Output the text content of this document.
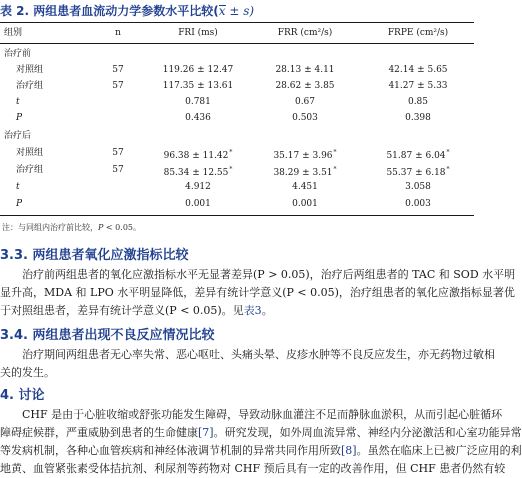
表 2. 两组患者血流动力学参数水平比较(x ± s)
组别	n	FRI (ms)	FRR (cm²/s)	FRPE (cm²/s)
治疗前
对照组	57	119.26 ± 12.47	28.13 ± 4.11	42.14 ± 5.65
治疗组	57	117.35 ± 13.61	28.62 ± 3.85	41.27 ± 5.33
t	0.781	0.67	0.85
P	0.436	0.503	0.398
治疗后
对照组	57	96.38 ± 11.42*	35.17 ± 3.96*	51.87 ± 6.04*
治疗组	57	85.34 ± 12.55*	38.29 ± 3.51*	55.37 ± 6.18*
t	4.912	4.451	3.058
P	0.001	0.001	0.003
注：与同组内治疗前比较，P < 0.05。
3.3. 两组患者氧化应激指标比较
治疗前两组患者的氧化应激指标水平无显著差异(P > 0.05)，治疗后两组患者的 TAC 和 SOD 水平明
显升高，MDA 和 LPO 水平明显降低，差异有统计学意义(P < 0.05)，治疗组患者的氧化应激指标显著优
于对照组患者，差异有统计学意义(P < 0.05)。见表3。
3.4. 两组患者出现不良反应情况比较
治疗期间两组患者无心率失常、恶心呕吐、头痛头晕、皮疹水肿等不良反应发生，亦无药物过敏相
关的发生。
4. 讨论
CHF 是由于心脏收缩或舒张功能发生障碍，导致动脉血灌注不足而静脉血淤积，从而引起心脏循环
障碍症候群，严重威胁到患者的生命健康[7]。研究发现，如外周血流异常、神经内分泌激活和心室功能异常
等发病机制，各种心血管疾病和神经体液调节机制的异常共同作用所致[8]。虽然在临床上已被广泛应用的利
地黄、血管紧张素受体拮抗剂、利尿剂等药物对 CHF 预后具有一定的改善作用，但 CHF 患者仍然有较
